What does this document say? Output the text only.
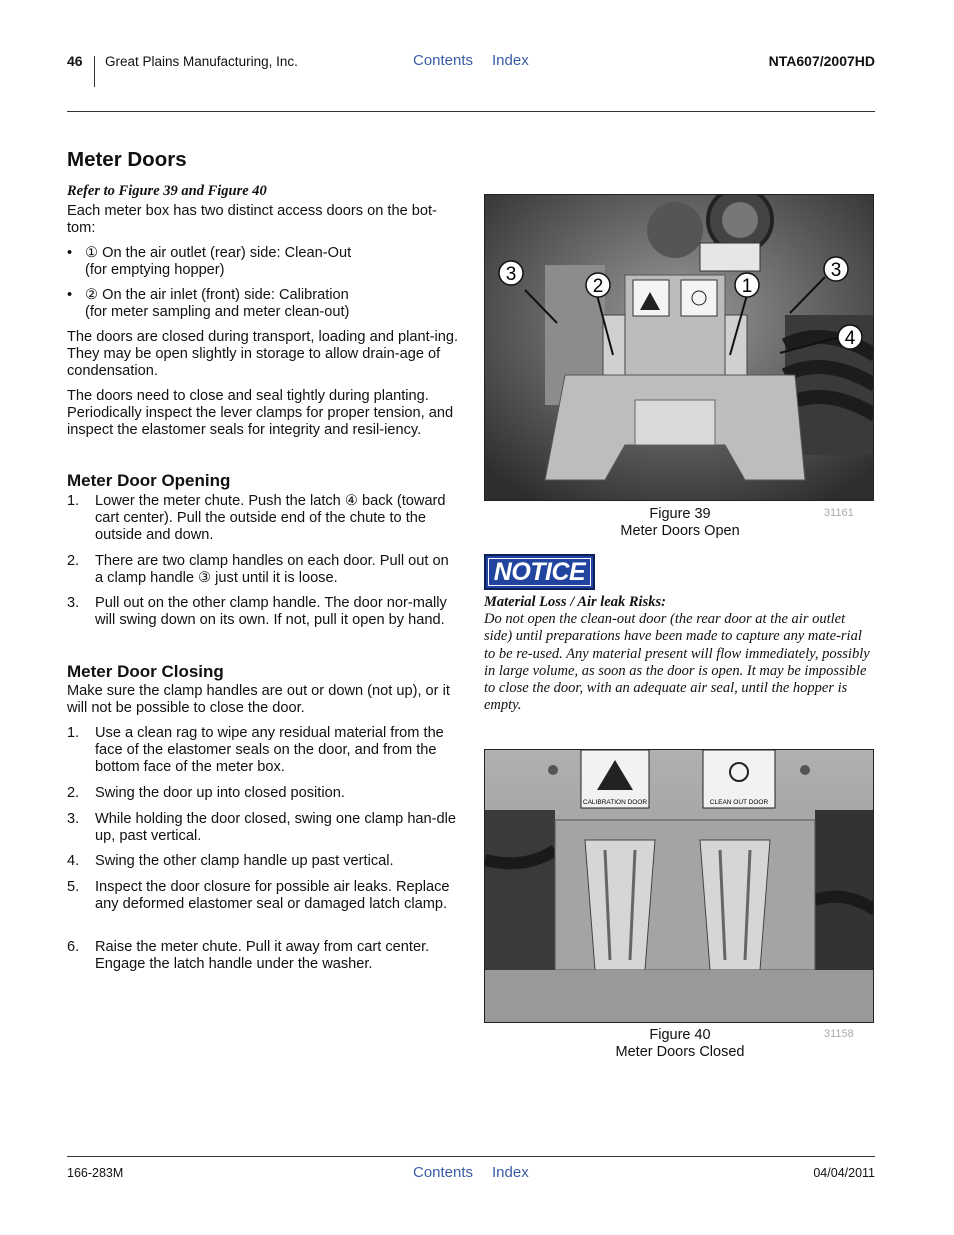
46 Great Plains Manufacturing, Inc.	Contents Index	NTA607/2007HD
Meter Doors
Refer to Figure 39 and Figure 40

Each meter box has two distinct access doors on the bot-tom:

• ① On the air outlet (rear) side: Clean-Out
(for emptying hopper)
• ② On the air inlet (front) side: Calibration
(for meter sampling and meter clean-out)

The doors are closed during transport, loading and plant-ing. They may be open slightly in storage to allow drain-age of condensation.

The doors need to close and seal tightly during planting. Periodically inspect the lever clamps for proper tension, and inspect the elastomer seals for integrity and resil-iency.

Meter Door Opening
1. Lower the meter chute. Push the latch ④ back (toward cart center). Pull the outside end of the chute to the outside and down.
2. There are two clamp handles on each door. Pull out on a clamp handle ③ just until it is loose.
3. Pull out on the other clamp handle. The door nor-mally will swing down on its own. If not, pull it open by hand.
Meter Door Closing

Make sure the clamp handles are out or down (not up), or it will not be possible to close the door.

1. Use a clean rag to wipe any residual material from the face of the elastomer seals on the door, and from the bottom face of the meter box.
2. Swing the door up into closed position.
3. While holding the door closed, swing one clamp han-dle up, past vertical.
4. Swing the other clamp handle up past vertical.
5. Inspect the door closure for possible air leaks. Replace any deformed elastomer seal or damaged latch clamp.
6. Raise the meter chute. Pull it away from cart center. Engage the latch handle under the washer.
3
2	1
3
4
Figure 39
Meter Doors Open
31161
NOTICE
Material Loss / Air leak Risks:
Do not open the clean-out door (the rear door at the air outlet side) until preparations have been made to capture any mate-rial to be re-used. Any material present will flow immediately, possibly in large volume, as soon as the door is open. It may be impossible to close the door, with an adequate air seal, until the hopper is empty.
CALIBRATION DOOR	CLEAN OUT DOOR
Figure 40
Meter Doors Closed
31158
166-283M	Contents Index	04/04/2011
